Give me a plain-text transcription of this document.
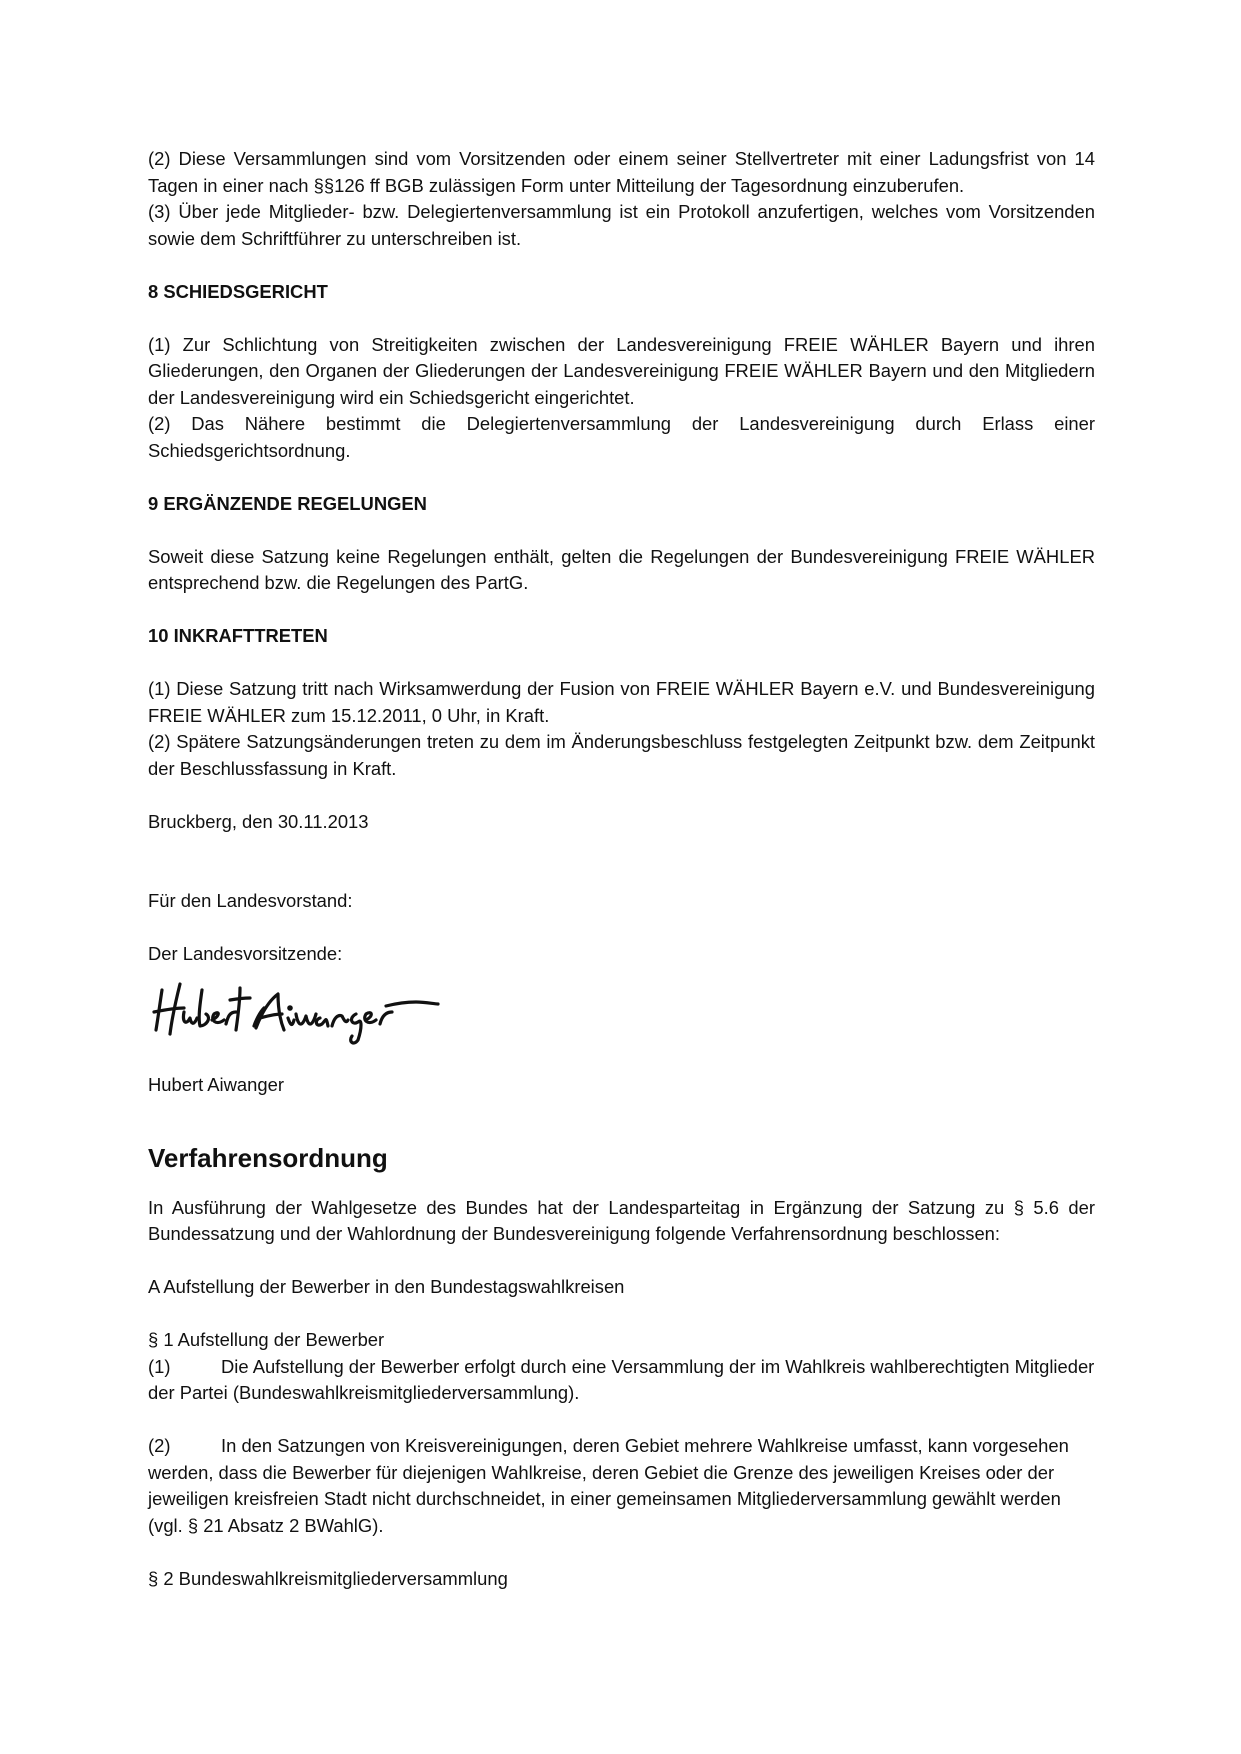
(2) Diese Versammlungen sind vom Vorsitzenden oder einem seiner Stellvertreter mit einer Ladungsfrist von 14 Tagen in einer nach §§126 ff BGB zulässigen Form unter Mitteilung der Tagesordnung einzuberufen.

(3) Über jede Mitglieder- bzw. Delegiertenversammlung ist ein Protokoll anzufertigen, welches vom Vorsitzenden sowie dem Schriftführer zu unterschreiben ist.

8 SCHIEDSGERICHT

(1) Zur Schlichtung von Streitigkeiten zwischen der Landesvereinigung FREIE WÄHLER Bayern und ihren Gliederungen, den Organen der Gliederungen der Landesvereinigung FREIE WÄHLER Bayern und den Mitgliedern der Landesvereinigung wird ein Schiedsgericht eingerichtet.

(2) Das Nähere bestimmt die Delegiertenversammlung der Landesvereinigung durch Erlass einer Schiedsgerichtsordnung.

9 ERGÄNZENDE REGELUNGEN

Soweit diese Satzung keine Regelungen enthält, gelten die Regelungen der Bundesvereinigung FREIE WÄHLER entsprechend bzw. die Regelungen des PartG.

10 INKRAFTTRETEN

(1) Diese Satzung tritt nach Wirksamwerdung der Fusion von FREIE WÄHLER Bayern e.V. und Bundesvereinigung FREIE WÄHLER zum 15.12.2011, 0 Uhr, in Kraft.

(2) Spätere Satzungsänderungen treten zu dem im Änderungsbeschluss festgelegten Zeitpunkt bzw. dem Zeitpunkt der Beschlussfassung in Kraft.

Bruckberg, den 30.11.2013

Für den Landesvorstand:

Der Landesvorsitzende:

Hubert Aiwanger

Verfahrensordnung

In Ausführung der Wahlgesetze des Bundes hat der Landesparteitag in Ergänzung der Satzung zu § 5.6 der Bundessatzung und der Wahlordnung der Bundesvereinigung folgende Verfahrensordnung beschlossen:

A Aufstellung der Bewerber in den Bundestagswahlkreisen

§ 1 Aufstellung der Bewerber

(1)	Die Aufstellung der Bewerber erfolgt durch eine Versammlung der im Wahlkreis wahlberechtigten Mitglieder der Partei (Bundeswahlkreismitgliederversammlung).

(2)	In den Satzungen von Kreisvereinigungen, deren Gebiet mehrere Wahlkreise umfasst, kann vorgesehen werden, dass die Bewerber für diejenigen Wahlkreise, deren Gebiet die Grenze des jeweiligen Kreises oder der jeweiligen kreisfreien Stadt nicht durchschneidet, in einer gemeinsamen Mitgliederversammlung gewählt werden (vgl. § 21 Absatz 2 BWahlG).

§ 2 Bundeswahlkreismitgliederversammlung
